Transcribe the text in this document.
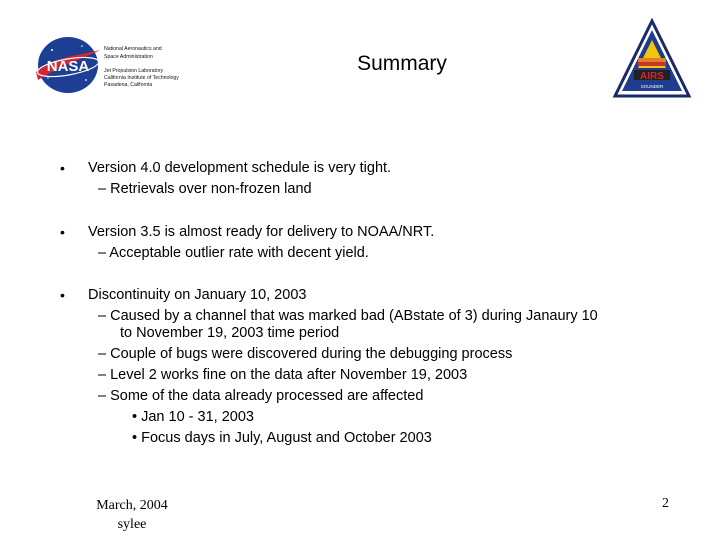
NASA
National Aeronautics and
Space Administration
Jet Propulsion Laboratory
California Institute of Technology
Pasadena, California
Summary
AIRS
SOUNDER
• Version 4.0 development schedule is very tight.
– Retrievals over non-frozen land
• Version 3.5 is almost ready for delivery to NOAA/NRT.
– Acceptable outlier rate with decent yield.
• Discontinuity on January 10, 2003
– Caused by a channel that was marked bad (ABstate of 3) during Janaury 10
to November 19, 2003 time period
– Couple of bugs were discovered during the debugging process
– Level 2 works fine on the data after November 19, 2003
– Some of the data already processed are affected
• Jan 10 - 31, 2003
• Focus days in July, August and October 2003
March, 2004
sylee
2
